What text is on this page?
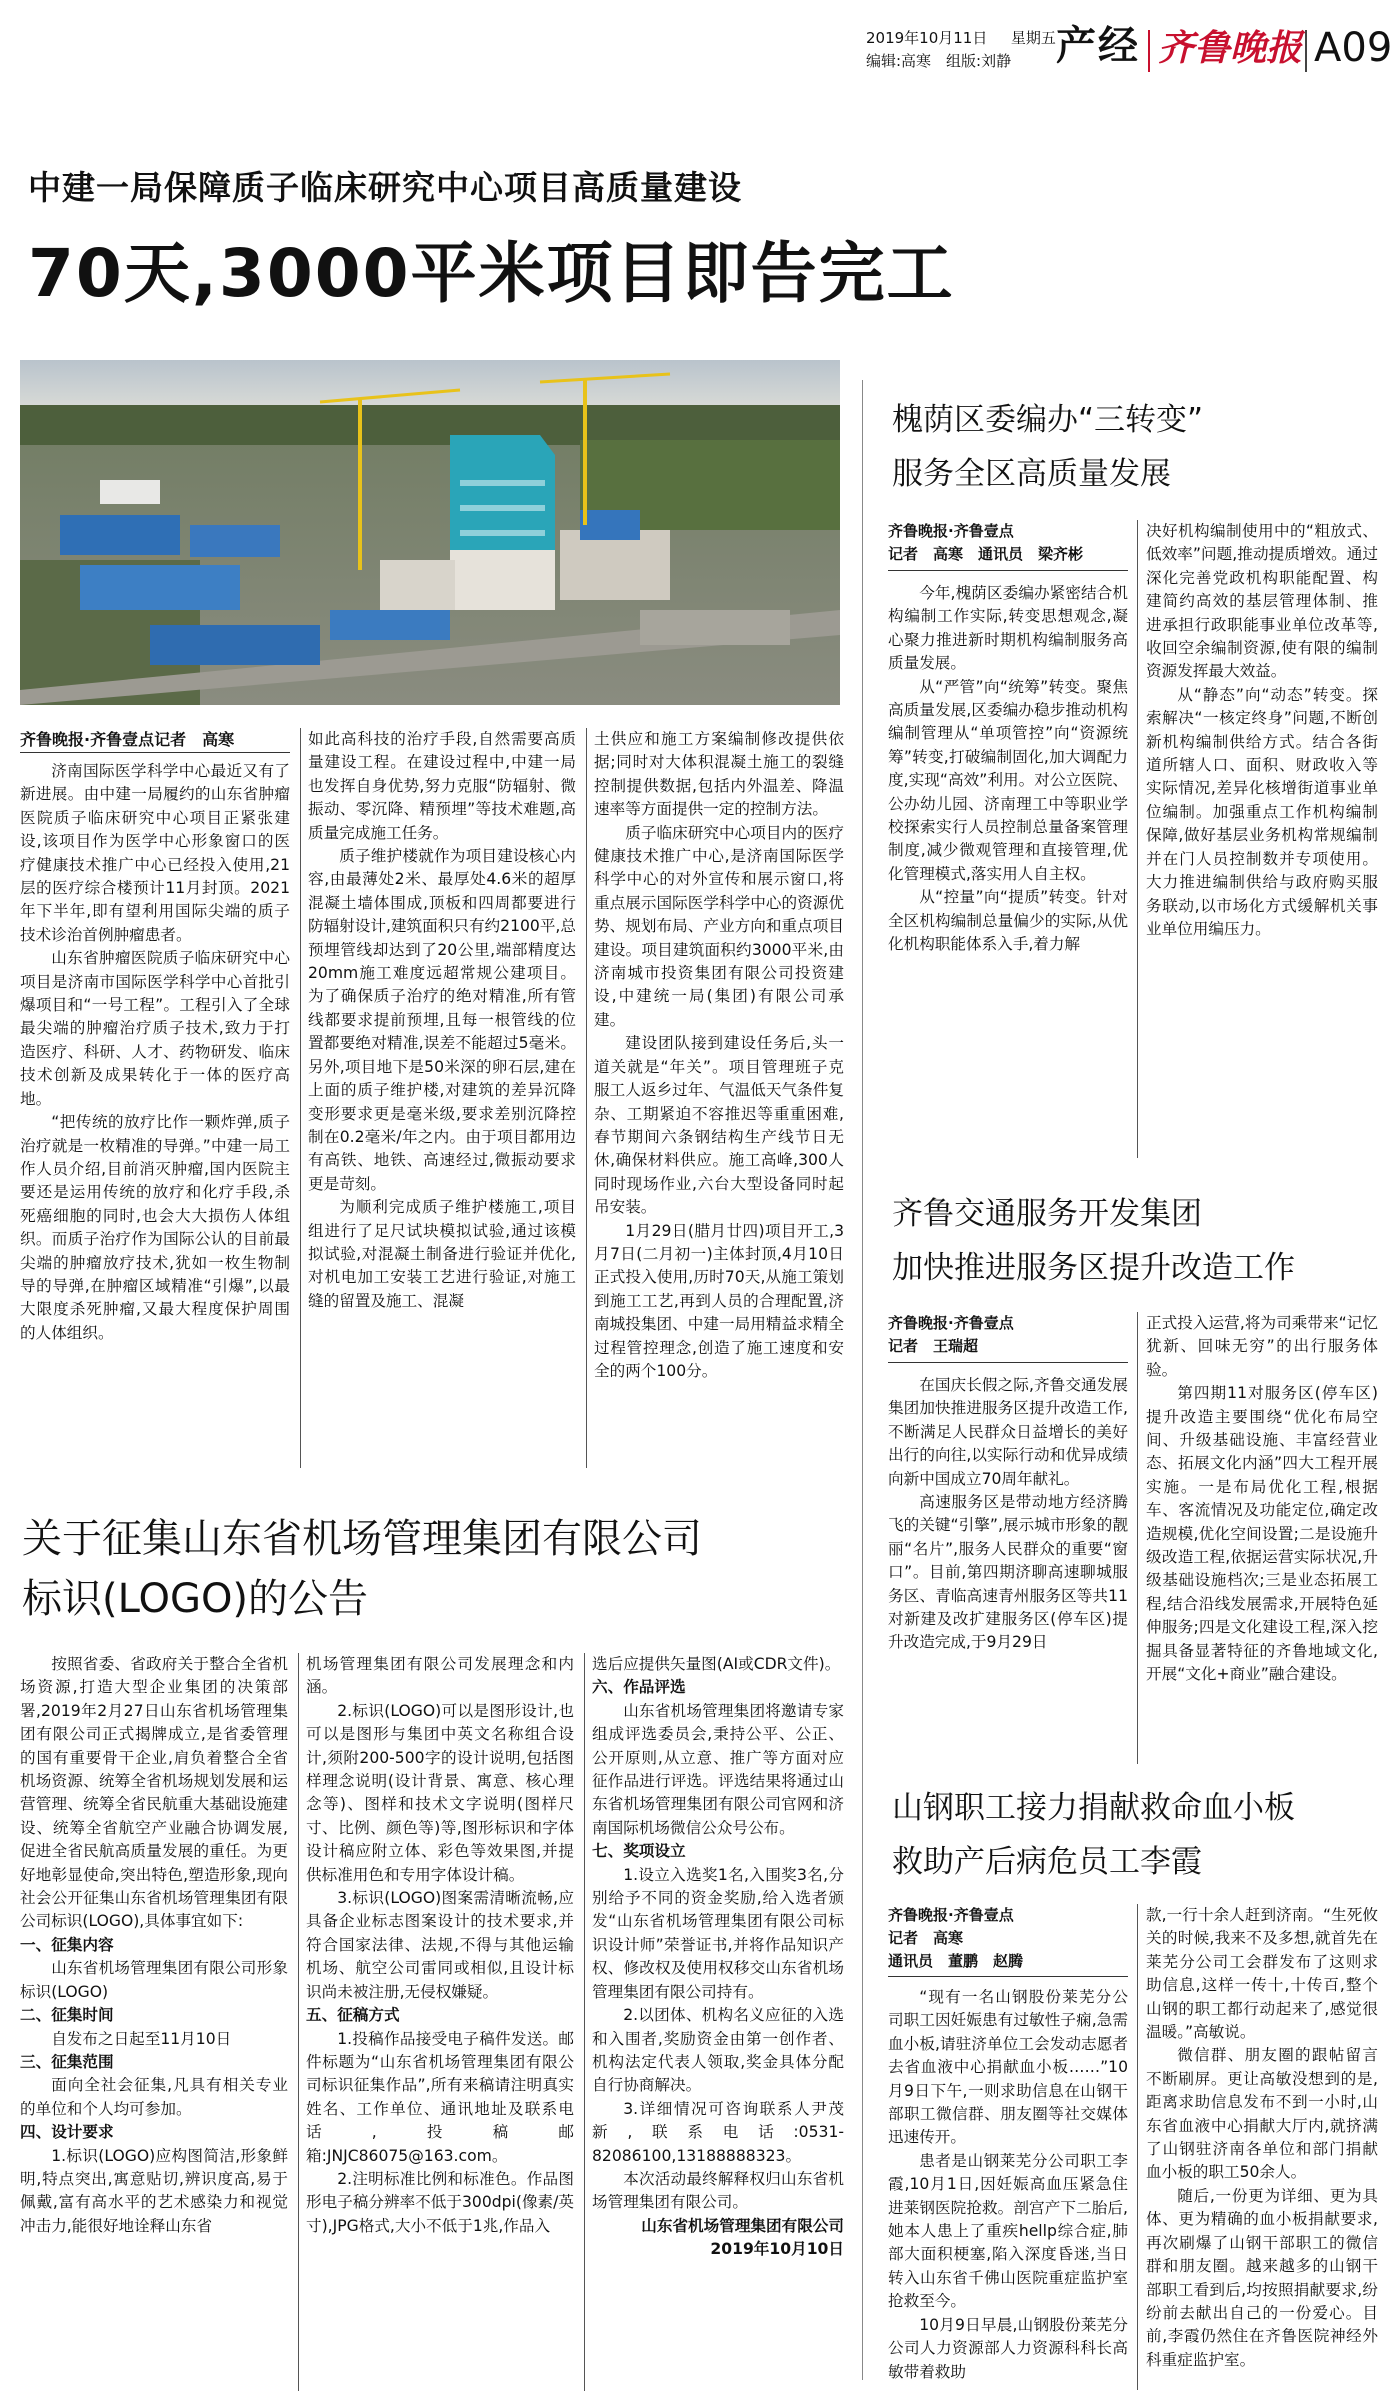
2019年10月11日 星期五
编辑:高寒　组版:刘静 产经 齐鲁晚报 A09
中建一局保障质子临床研究中心项目高质量建设
70天,3000平米项目即告完工
齐鲁晚报·齐鲁壹点记者　高寒

济南国际医学科学中心最近又有了新进展。由中建一局履约的山东省肿瘤医院质子临床研究中心项目正紧张建设,该项目作为医学中心形象窗口的医疗健康技术推广中心已经投入使用,21层的医疗综合楼预计11月封顶。2021年下半年,即有望利用国际尖端的质子技术诊治首例肿瘤患者。

山东省肿瘤医院质子临床研究中心项目是济南市国际医学科学中心首批引爆项目和“一号工程”。工程引入了全球最尖端的肿瘤治疗质子技术,致力于打造医疗、科研、人才、药物研发、临床技术创新及成果转化于一体的医疗高地。

“把传统的放疗比作一颗炸弹,质子治疗就是一枚精准的导弹。”中建一局工作人员介绍,目前消灭肿瘤,国内医院主要还是运用传统的放疗和化疗手段,杀死癌细胞的同时,也会大大损伤人体组织。而质子治疗作为国际公认的目前最尖端的肿瘤放疗技术,犹如一枚生物制导的导弹,在肿瘤区域精准“引爆”,以最大限度杀死肿瘤,又最大程度保护周围的人体组织。

如此高科技的治疗手段,自然需要高质量建设工程。在建设过程中,中建一局也发挥自身优势,努力克服“防辐射、微振动、零沉降、精预埋”等技术难题,高质量完成施工任务。

质子维护楼就作为项目建设核心内容,由最薄处2米、最厚处4.6米的超厚混凝土墙体围成,顶板和四周都要进行防辐射设计,建筑面积只有约2100平,总预埋管线却达到了20公里,端部精度达20mm施工难度远超常规公建项目。为了确保质子治疗的绝对精准,所有管线都要求提前预埋,且每一根管线的位置都要绝对精准,误差不能超过5毫米。另外,项目地下是50米深的卵石层,建在上面的质子维护楼,对建筑的差异沉降变形要求更是毫米级,要求差别沉降控制在0.2毫米/年之内。由于项目都用边有高铁、地铁、高速经过,微振动要求更是苛刻。

为顺利完成质子维护楼施工,项目组进行了足尺试块模拟试验,通过该模拟试验,对混凝土制备进行验证并优化,对机电加工安装工艺进行验证,对施工缝的留置及施工、混凝

土供应和施工方案编制修改提供依据;同时对大体积混凝土施工的裂缝控制提供数据,包括内外温差、降温速率等方面提供一定的控制方法。

质子临床研究中心项目内的医疗健康技术推广中心,是济南国际医学科学中心的对外宣传和展示窗口,将重点展示国际医学科学中心的资源优势、规划布局、产业方向和重点项目建设。项目建筑面积约3000平米,由济南城市投资集团有限公司投资建设,中建统一局(集团)有限公司承建。

建设团队接到建设任务后,头一道关就是“年关”。项目管理班子克服工人返乡过年、气温低天气条件复杂、工期紧迫不容推迟等重重困难,春节期间六条钢结构生产线节日无休,确保材料供应。施工高峰,300人同时现场作业,六台大型设备同时起吊安装。

1月29日(腊月廿四)项目开工,3月7日(二月初一)主体封顶,4月10日正式投入使用,历时70天,从施工策划到施工工艺,再到人员的合理配置,济南城投集团、中建一局用精益求精全过程管控理念,创造了施工速度和安全的两个100分。

关于征集山东省机场管理集团有限公司
标识(LOGO)的公告

按照省委、省政府关于整合全省机场资源,打造大型企业集团的决策部署,2019年2月27日山东省机场管理集团有限公司正式揭牌成立,是省委管理的国有重要骨干企业,肩负着整合全省机场资源、统筹全省机场规划发展和运营管理、统筹全省民航重大基础设施建设、统筹全省航空产业融合协调发展,促进全省民航高质量发展的重任。为更好地彰显使命,突出特色,塑造形象,现向社会公开征集山东省机场管理集团有限公司标识(LOGO),具体事宜如下:

一、征集内容

山东省机场管理集团有限公司形象标识(LOGO)

二、征集时间

自发布之日起至11月10日

三、征集范围

面向全社会征集,凡具有相关专业的单位和个人均可参加。

四、设计要求

1.标识(LOGO)应构图简洁,形象鲜明,特点突出,寓意贴切,辨识度高,易于佩戴,富有高水平的艺术感染力和视觉冲击力,能很好地诠释山东省

机场管理集团有限公司发展理念和内涵。

2.标识(LOGO)可以是图形设计,也可以是图形与集团中英文名称组合设计,须附200-500字的设计说明,包括图样理念说明(设计背景、寓意、核心理念等)、图样和技术文字说明(图样尺寸、比例、颜色等)等,图形标识和字体设计稿应附立体、彩色等效果图,并提供标准用色和专用字体设计稿。

3.标识(LOGO)图案需清晰流畅,应具备企业标志图案设计的技术要求,并符合国家法律、法规,不得与其他运输机场、航空公司雷同或相似,且设计标识尚未被注册,无侵权嫌疑。

五、征稿方式

1.投稿作品接受电子稿件发送。邮件标题为“山东省机场管理集团有限公司标识征集作品”,所有来稿请注明真实姓名、工作单位、通讯地址及联系电话,投稿邮箱:JNJC86075@163.com。

2.注明标准比例和标准色。作品图形电子稿分辨率不低于300dpi(像素/英寸),JPG格式,大小不低于1兆,作品入

选后应提供矢量图(AI或CDR文件)。

六、作品评选

山东省机场管理集团将邀请专家组成评选委员会,秉持公平、公正、公开原则,从立意、推广等方面对应征作品进行评选。评选结果将通过山东省机场管理集团有限公司官网和济南国际机场微信公众号公布。

七、奖项设立

1.设立入选奖1名,入围奖3名,分别给予不同的资金奖励,给入选者颁发“山东省机场管理集团有限公司标识设计师”荣誉证书,并将作品知识产权、修改权及使用权移交山东省机场管理集团有限公司持有。

2.以团体、机构名义应征的入选和入围者,奖励资金由第一创作者、机构法定代表人领取,奖金具体分配自行协商解决。

3.详细情况可咨询联系人尹茂新,联系电话:0531-82086100,13188888323。

本次活动最终解释权归山东省机场管理集团有限公司。

山东省机场管理集团有限公司

2019年10月10日

槐荫区委编办“三转变”
服务全区高质量发展
齐鲁晚报·齐鲁壹点
记者　高寒　通讯员　梁齐彬

今年,槐荫区委编办紧密结合机构编制工作实际,转变思想观念,凝心聚力推进新时期机构编制服务高质量发展。

从“严管”向“统筹”转变。聚焦高质量发展,区委编办稳步推动机构编制管理从“单项管控”向“资源统筹”转变,打破编制固化,加大调配力度,实现“高效”利用。对公立医院、公办幼儿园、济南理工中等职业学校探索实行人员控制总量备案管理制度,减少微观管理和直接管理,优化管理模式,落实用人自主权。

从“控量”向“提质”转变。针对全区机构编制总量偏少的实际,从优化机构职能体系入手,着力解

决好机构编制使用中的“粗放式、低效率”问题,推动提质增效。通过深化完善党政机构职能配置、构建简约高效的基层管理体制、推进承担行政职能事业单位改革等,收回空余编制资源,使有限的编制资源发挥最大效益。

从“静态”向“动态”转变。探索解决“一核定终身”问题,不断创新机构编制供给方式。结合各街道所辖人口、面积、财政收入等实际情况,差异化核增街道事业单位编制。加强重点工作机构编制保障,做好基层业务机构常规编制并在门人员控制数并专项使用。大力推进编制供给与政府购买服务联动,以市场化方式缓解机关事业单位用编压力。

齐鲁交通服务开发集团
加快推进服务区提升改造工作
齐鲁晚报·齐鲁壹点
记者　王瑞超

在国庆长假之际,齐鲁交通发展集团加快推进服务区提升改造工作,不断满足人民群众日益增长的美好出行的向往,以实际行动和优异成绩向新中国成立70周年献礼。

高速服务区是带动地方经济腾飞的关键“引擎”,展示城市形象的靓丽“名片”,服务人民群众的重要“窗口”。目前,第四期济聊高速聊城服务区、青临高速青州服务区等共11对新建及改扩建服务区(停车区)提升改造完成,于9月29日

正式投入运营,将为司乘带来“记忆犹新、回味无穷”的出行服务体验。

第四期11对服务区(停车区)提升改造主要围绕“优化布局空间、升级基础设施、丰富经营业态、拓展文化内涵”四大工程开展实施。一是布局优化工程,根据车、客流情况及功能定位,确定改造规模,优化空间设置;二是设施升级改造工程,依据运营实际状况,升级基础设施档次;三是业态拓展工程,结合沿线发展需求,开展特色延伸服务;四是文化建设工程,深入挖掘具备显著特征的齐鲁地域文化,开展“文化+商业”融合建设。

山钢职工接力捐献救命血小板
救助产后病危员工李霞
齐鲁晚报·齐鲁壹点
记者　高寒
通讯员　董鹏　赵腾

“现有一名山钢股份莱芜分公司职工因妊娠患有过敏性子痫,急需血小板,请驻济单位工会发动志愿者去省血液中心捐献血小板……”10月9日下午,一则求助信息在山钢干部职工微信群、朋友圈等社交媒体迅速传开。

患者是山钢莱芜分公司职工李霞,10月1日,因妊娠高血压紧急住进莱钢医院抢救。剖宫产下二胎后,她本人患上了重疾hellp综合症,肺部大面积梗塞,陷入深度昏迷,当日转入山东省千佛山医院重症监护室抢救至今。

10月9日早晨,山钢股份莱芜分公司人力资源部人力资源科科长高敏带着救助

款,一行十余人赶到济南。“生死攸关的时候,我来不及多想,就首先在莱芜分公司工会群发布了这则求助信息,这样一传十,十传百,整个山钢的职工都行动起来了,感觉很温暖。”高敏说。

微信群、朋友圈的跟帖留言不断刷屏。更让高敏没想到的是,距离求助信息发布不到一小时,山东省血液中心捐献大厅内,就挤满了山钢驻济南各单位和部门捐献血小板的职工50余人。

随后,一份更为详细、更为具体、更为精确的血小板捐献要求,再次刷爆了山钢干部职工的微信群和朋友圈。越来越多的山钢干部职工看到后,均按照捐献要求,纷纷前去献出自己的一份爱心。目前,李霞仍然住在齐鲁医院神经外科重症监护室。
